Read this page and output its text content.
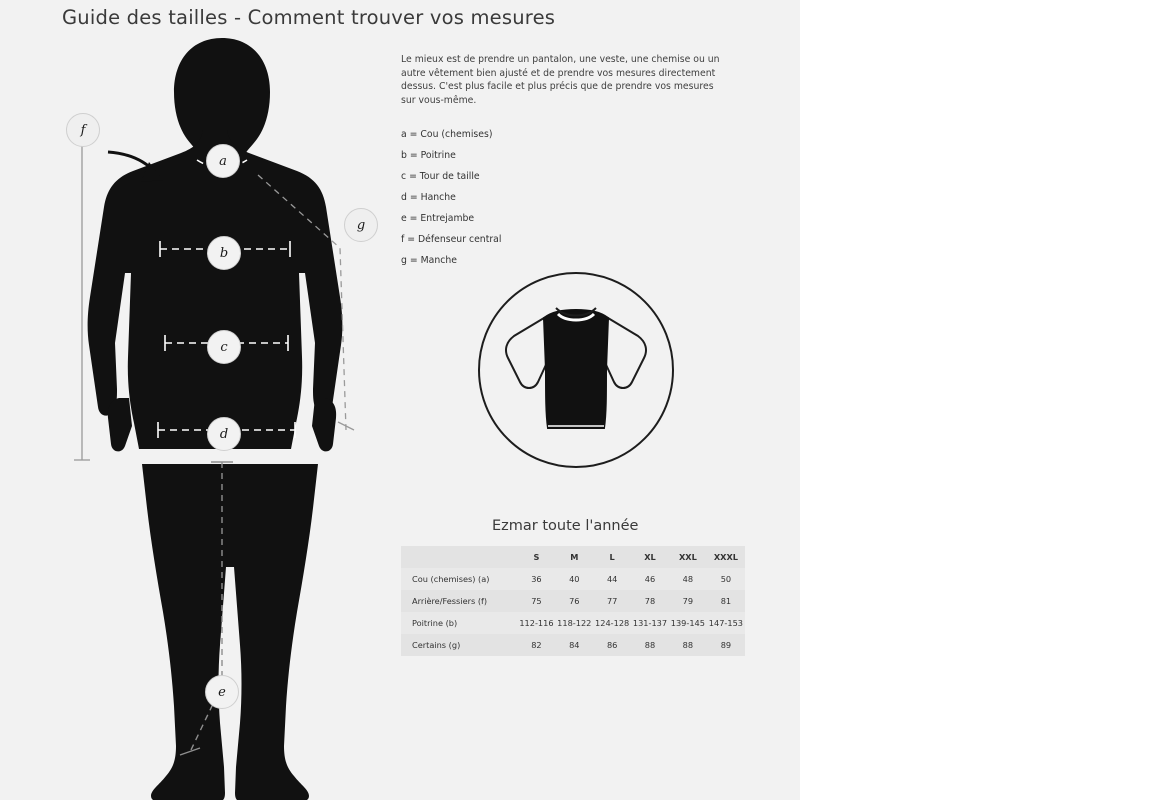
Guide des tailles - Comment trouver vos mesures

Le mieux est de prendre un pantalon, une veste, une chemise ou un autre vêtement bien ajusté et de prendre vos mesures directement dessus. C'est plus facile et plus précis que de prendre vos mesures sur vous-même.

a = Cou (chemises)
b = Poitrine
c = Tour de taille
d = Hanche
e = Entrejambe
f = Défenseur central
g = Manche
a
b
c
d
e
f
g
Regular
Ezmar toute l'année
	S	M	L	XL	XXL	XXXL
Cou (chemises) (a)	36	40	44	46	48	50
Arrière/Fessiers (f)	75	76	77	78	79	81
Poitrine (b)	112-116	118-122	124-128	131-137	139-145	147-153
Certains (g)	82	84	86	88	88	89
